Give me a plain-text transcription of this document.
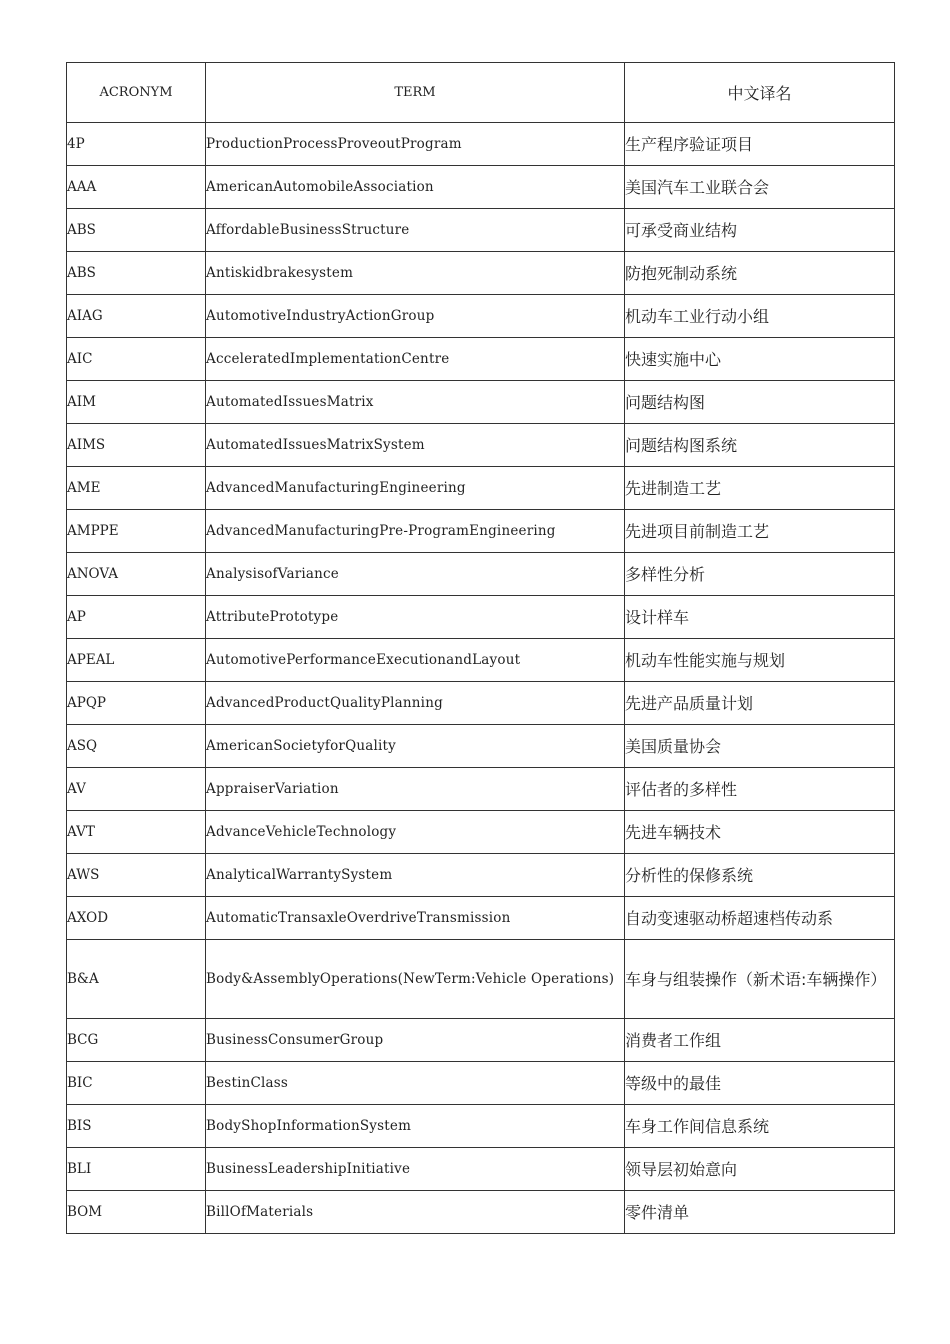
ACRONYM	TERM	中文译名
4P	ProductionProcessProveoutProgram	生产程序验证项目
AAA	AmericanAutomobileAssociation	美国汽车工业联合会
ABS	AffordableBusinessStructure	可承受商业结构
ABS	Antiskidbrakesystem	防抱死制动系统
AIAG	AutomotiveIndustryActionGroup	机动车工业行动小组
AIC	AcceleratedImplementationCentre	快速实施中心
AIM	AutomatedIssuesMatrix	问题结构图
AIMS	AutomatedIssuesMatrixSystem	问题结构图系统
AME	AdvancedManufacturingEngineering	先进制造工艺
AMPPE	AdvancedManufacturingPre-ProgramEngineering	先进项目前制造工艺
ANOVA	AnalysisofVariance	多样性分析
AP	AttributePrototype	设计样车
APEAL	AutomotivePerformanceExecutionandLayout	机动车性能实施与规划
APQP	AdvancedProductQualityPlanning	先进产品质量计划
ASQ	AmericanSocietyforQuality	美国质量协会
AV	AppraiserVariation	评估者的多样性
AVT	AdvanceVehicleTechnology	先进车辆技术
AWS	AnalyticalWarrantySystem	分析性的保修系统
AXOD	AutomaticTransaxleOverdriveTransmission	自动变速驱动桥超速档传动系
B&A	Body&AssemblyOperations(NewTerm:Vehicle Operations)	车身与组装操作（新术语:车辆操作）
BCG	BusinessConsumerGroup	消费者工作组
BIC	BestinClass	等级中的最佳
BIS	BodyShopInformationSystem	车身工作间信息系统
BLI	BusinessLeadershipInitiative	领导层初始意向
BOM	BillOfMaterials	零件清单
